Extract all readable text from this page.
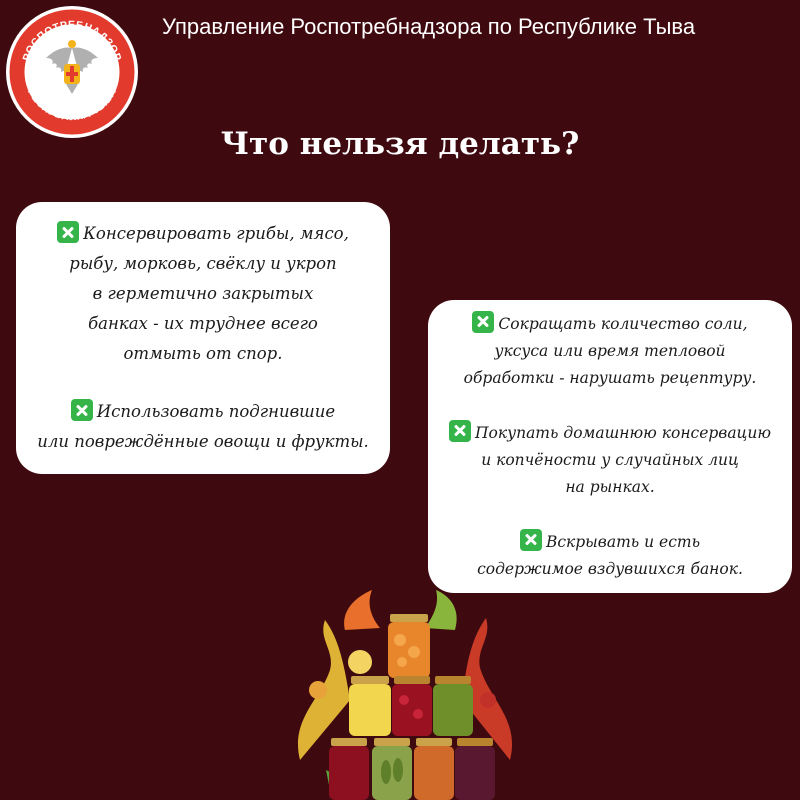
РОСПОТРЕБНАДЗОР
РЕСПУБЛИКА ТЫВА
Управление Роспотребнадзора по Республике Тыва
Что нельзя делать?
Консервировать грибы, мясо,
рыбу, морковь, свёклу и укроп
в герметично закрытых
банках - их труднее всего
отмыть от спор.
Использовать подгнившие
или повреждённые овощи и фрукты.
Сокращать количество соли,
уксуса или время тепловой
обработки - нарушать рецептуру.
Покупать домашнюю консервацию
и копчёности у случайных лиц
на рынках.
Вскрывать и есть
содержимое вздувшихся банок.
